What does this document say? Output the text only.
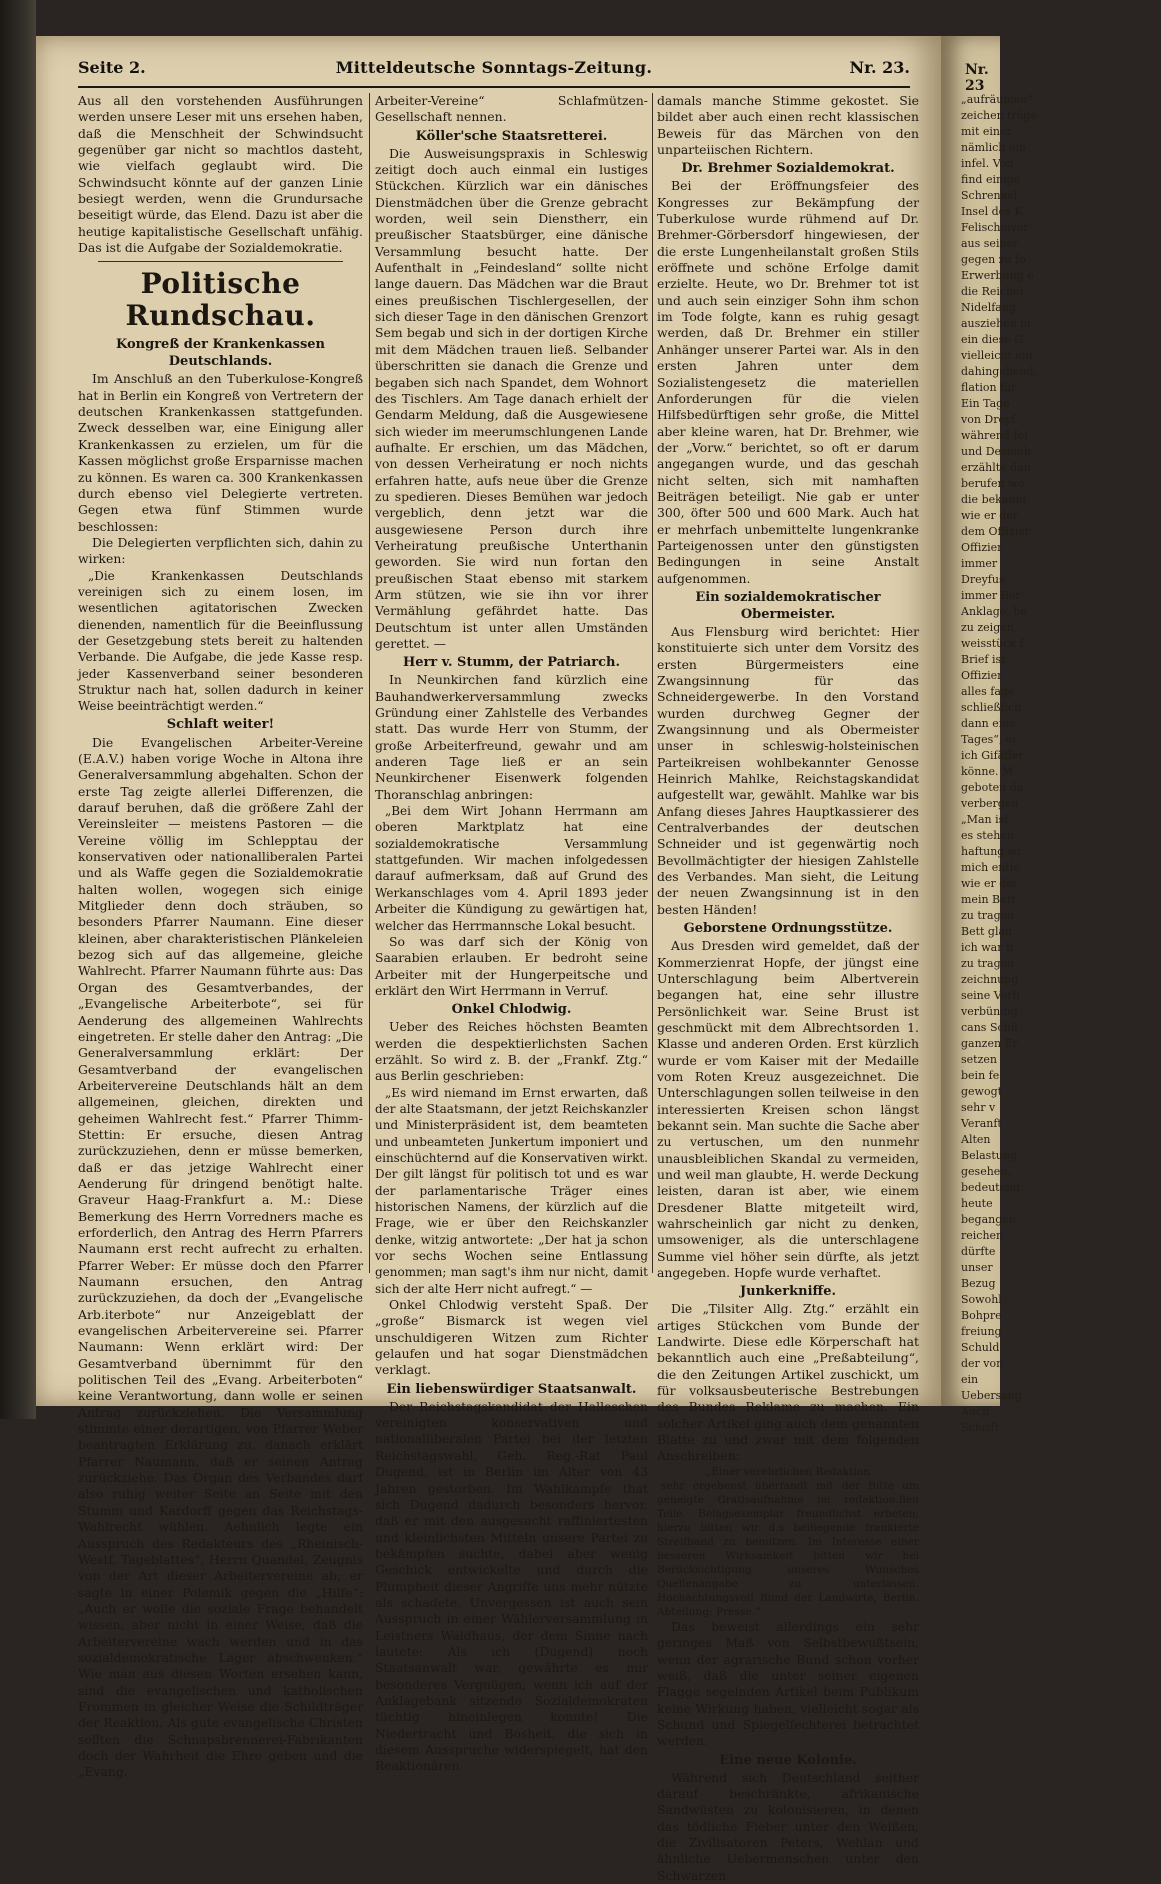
Nr. 23
„aufräumen“
zeichen träge
mit einer
nämlich ein
infel. Von
find einige
Schrenkel
Insel des K
Felischeiver
aus seiner
gegen zu fo
Erwerbung e
die Reicher
Nidelfang
ausziehen m
ein diese G
vielleicht ein
dahingehend,
flation für
Ein Tage
von Dreyf
während fei
und Dezemb
erzählte dan
berufen wo
die bekannt
wie er der
dem Offizier
Offizier
immer
Dreyfus
immer Ber
Anklage, be
zu zeigen,
weisstück f
Brief ist
Offizier
alles fage
schließlich
dann eine
Tages“, ei
ich Gifäffer
könne. M
geboten da
verbergen
„Man ist
es stehen
haftung wi
mich entle
wie er die
mein Bett
zu tragen
Bett glau
ich war h
zu tragen
zeichnung
seine Verh
verbündig
cans Schü
ganzen Er
setzen
bein fe
gewogt
sehr v
Veranft
Alten
Belastung
gesehen,
bedeutend
heute
begangen
reichen
dürfte
unser
Bezug
Sowohl
Bohpre
freiung
Schuld
der von
ein
Uebersang
Auch
Schrift
Mitteldeutsche Sonntags-Zeitung.
Seite 2.	Nr. 23.

Aus all den vorstehenden Ausführungen werden unsere Leser mit uns ersehen haben, daß die Menschheit der Schwindsucht gegenüber gar nicht so machtlos dasteht, wie vielfach geglaubt wird. Die Schwindsucht könnte auf der ganzen Linie besiegt werden, wenn die Grundursache beseitigt würde, das Elend. Dazu ist aber die heutige kapitalistische Gesellschaft unfähig. Das ist die Aufgabe der Sozialdemokratie.

Politische Rundschau.
Kongreß der Krankenkassen Deutschlands.

Im Anschluß an den Tuberkulose-Kongreß hat in Berlin ein Kongreß von Vertretern der deutschen Krankenkassen stattgefunden. Zweck desselben war, eine Einigung aller Krankenkassen zu erzielen, um für die Kassen möglichst große Ersparnisse machen zu können. Es waren ca. 300 Krankenkassen durch ebenso viel Delegierte vertreten. Gegen etwa fünf Stimmen wurde beschlossen:

Die Delegierten verpflichten sich, dahin zu wirken:

„Die Krankenkassen Deutschlands vereinigen sich zu einem losen, im wesentlichen agitatorischen Zwecken dienenden, namentlich für die Beeinflussung der Gesetzgebung stets bereit zu haltenden Verbande. Die Aufgabe, die jede Kasse resp. jeder Kassenverband seiner besonderen Struktur nach hat, sollen dadurch in keiner Weise beeinträchtigt werden.“

Schlaft weiter!

Die Evangelischen Arbeiter-Vereine (E.A.V.) haben vorige Woche in Altona ihre Generalversammlung abgehalten. Schon der erste Tag zeigte allerlei Differenzen, die darauf beruhen, daß die größere Zahl der Vereinsleiter — meistens Pastoren — die Vereine völlig im Schlepptau der konservativen oder nationalliberalen Partei und als Waffe gegen die Sozialdemokratie halten wollen, wogegen sich einige Mitglieder denn doch sträuben, so besonders Pfarrer Naumann. Eine dieser kleinen, aber charakteristischen Plänkeleien bezog sich auf das allgemeine, gleiche Wahlrecht. Pfarrer Naumann führte aus: Das Organ des Gesamtverbandes, der „Evangelische Arbeiterbote“, sei für Aenderung des allgemeinen Wahlrechts eingetreten. Er stelle daher den Antrag: „Die Generalversammlung erklärt: Der Gesamtverband der evangelischen Arbeitervereine Deutschlands hält an dem allgemeinen, gleichen, direkten und geheimen Wahlrecht fest.“ Pfarrer Thimm-Stettin: Er ersuche, diesen Antrag zurückzuziehen, denn er müsse bemerken, daß er das jetzige Wahlrecht einer Aenderung für dringend benötigt halte. Graveur Haag-Frankfurt a. M.: Diese Bemerkung des Herrn Vorredners mache es erforderlich, den Antrag des Herrn Pfarrers Naumann erst recht aufrecht zu erhalten. Pfarrer Weber: Er müsse doch den Pfarrer Naumann ersuchen, den Antrag zurückzuziehen, da doch der „Evangelische Arb.iterbote“ nur Anzeigeblatt der evangelischen Arbeitervereine sei. Pfarrer Naumann: Wenn erklärt wird: Der Gesamtverband übernimmt für den politischen Teil des „Evang. Arbeiterboten“ keine Verantwortung, dann wolle er seinen Antrag zurückziehen. Die Versammlung stimmte einer derartigen, von Pfarrer Weber beantragten Erklärung zu, danach erklärt Pfarrer Naumann, daß er seinen Antrag zurückziehe. Das Organ des Verbandes darf also ruhig weiter Seite an Seite mit den Stumm und Kardorff gegen das Reichstags-Wahlrecht wühlen. Aehnlich legte ein Ausspruch des Redakteurs des „Rheinisch-Westf. Tageblattes“, Herrn Quandel, Zeugnis von der Art dieser Arbeitervereine ab; er sagte in einer Polemik gegen die „Hilfe“: „Auch er wolle die soziale Frage behandelt wissen, aber nicht in einer Weise, daß die Arbeitervereine wach werden und in das sozialdemokratische Lager abschwenken.“ Wie man aus diesen Worten ersehen kann, sind die evangelischen und katholischen Frommen in gleicher Weise die Schildträger der Reaktion. Als gute evangelische Christen sollten die Schnapsbrennerei-Fabrikanten doch der Wahrheit die Ehre geben und die „Evang.

Arbeiter-Vereine“ Schlafmützen-Gesellschaft nennen.

Köller'sche Staatsretterei.

Die Ausweisungspraxis in Schleswig zeitigt doch auch einmal ein lustiges Stückchen. Kürzlich war ein dänisches Dienstmädchen über die Grenze gebracht worden, weil sein Dienstherr, ein preußischer Staatsbürger, eine dänische Versammlung besucht hatte. Der Aufenthalt in „Feindesland“ sollte nicht lange dauern. Das Mädchen war die Braut eines preußischen Tischlergesellen, der sich dieser Tage in den dänischen Grenzort Sem begab und sich in der dortigen Kirche mit dem Mädchen trauen ließ. Selbander überschritten sie danach die Grenze und begaben sich nach Spandet, dem Wohnort des Tischlers. Am Tage danach erhielt der Gendarm Meldung, daß die Ausgewiesene sich wieder im meerumschlungenen Lande aufhalte. Er erschien, um das Mädchen, von dessen Verheiratung er noch nichts erfahren hatte, aufs neue über die Grenze zu spedieren. Dieses Bemühen war jedoch vergeblich, denn jetzt war die ausgewiesene Person durch ihre Verheiratung preußische Unterthanin geworden. Sie wird nun fortan den preußischen Staat ebenso mit starkem Arm stützen, wie sie ihn vor ihrer Vermählung gefährdet hatte. Das Deutschtum ist unter allen Umständen gerettet. —

Herr v. Stumm, der Patriarch.

In Neunkirchen fand kürzlich eine Bauhandwerkerversammlung zwecks Gründung einer Zahlstelle des Verbandes statt. Das wurde Herr von Stumm, der große Arbeiterfreund, gewahr und am anderen Tage ließ er an sein Neunkirchener Eisenwerk folgenden Thoranschlag anbringen:

„Bei dem Wirt Johann Herrmann am oberen Marktplatz hat eine sozialdemokratische Versammlung stattgefunden. Wir machen infolgedessen darauf aufmerksam, daß auf Grund des Werkanschlages vom 4. April 1893 jeder Arbeiter die Kündigung zu gewärtigen hat, welcher das Herrmannsche Lokal besucht.

So was darf sich der König von Saarabien erlauben. Er bedroht seine Arbeiter mit der Hungerpeitsche und erklärt den Wirt Herrmann in Verruf.

Onkel Chlodwig.

Ueber des Reiches höchsten Beamten werden die despektierlichsten Sachen erzählt. So wird z. B. der „Frankf. Ztg.“ aus Berlin geschrieben:

„Es wird niemand im Ernst erwarten, daß der alte Staatsmann, der jetzt Reichskanzler und Ministerpräsident ist, dem beamteten und unbeamteten Junkertum imponiert und einschüchternd auf die Konservativen wirkt. Der gilt längst für politisch tot und es war der parlamentarische Träger eines historischen Namens, der kürzlich auf die Frage, wie er über den Reichskanzler denke, witzig antwortete: „Der hat ja schon vor sechs Wochen seine Entlassung genommen; man sagt's ihm nur nicht, damit sich der alte Herr nicht aufregt.“ —

Onkel Chlodwig versteht Spaß. Der „große“ Bismarck ist wegen viel unschuldigeren Witzen zum Richter gelaufen und hat sogar Dienstmädchen verklagt.

Ein liebenswürdiger Staatsanwalt.

Der Reichstagskandidat der Halleschen vereinigten konservativen und nationalliberalen Partei bei der letzten Reichstagswahl, Geh. Reg.-Rat Paul Dugend, ist in Berlin im Alter von 43 Jahren gestorben. Im Wahlkampfe that sich Dugend dadurch besonders hervor, daß er mit den ausgesucht raffiniertesten und kleinlichsten Mitteln unsere Partei zu bekämpfen suchte, dabei aber wenig Geschick entwickelte und durch die Plumpheit dieser Angriffe uns mehr nützte als schadete. Unvergessen ist auch sein Ausspruch in einer Wählerversammlung in Leistners Waldhaus, der dem Sinne nach lautete: Als ich (Dugend) noch Staatsanwalt war, gewährte es mir besonderes Vergnügen, wenn ich auf der Anklagebank sitzende Sozialdemokraten tüchtig hineinlegen konnte! Die Niedertracht und Bosheit, die sich in diesem Ausspruche widerspiegelt, hat den Reaktionären

damals manche Stimme gekostet. Sie bildet aber auch einen recht klassischen Beweis für das Märchen von den unparteiischen Richtern.

Dr. Brehmer Sozialdemokrat.

Bei der Eröffnungsfeier des Kongresses zur Bekämpfung der Tuberkulose wurde rühmend auf Dr. Brehmer-Görbersdorf hingewiesen, der die erste Lungenheilanstalt großen Stils eröffnete und schöne Erfolge damit erzielte. Heute, wo Dr. Brehmer tot ist und auch sein einziger Sohn ihm schon im Tode folgte, kann es ruhig gesagt werden, daß Dr. Brehmer ein stiller Anhänger unserer Partei war. Als in den ersten Jahren unter dem Sozialistengesetz die materiellen Anforderungen für die vielen Hilfsbedürftigen sehr große, die Mittel aber kleine waren, hat Dr. Brehmer, wie der „Vorw.“ berichtet, so oft er darum angegangen wurde, und das geschah nicht selten, sich mit namhaften Beiträgen beteiligt. Nie gab er unter 300, öfter 500 und 600 Mark. Auch hat er mehrfach unbemittelte lungenkranke Parteigenossen unter den günstigsten Bedingungen in seine Anstalt aufgenommen.

Ein sozialdemokratischer Obermeister.

Aus Flensburg wird berichtet: Hier konstituierte sich unter dem Vorsitz des ersten Bürgermeisters eine Zwangsinnung für das Schneidergewerbe. In den Vorstand wurden durchweg Gegner der Zwangsinnung und als Obermeister unser in schleswig-holsteinischen Parteikreisen wohlbekannter Genosse Heinrich Mahlke, Reichstagskandidat aufgestellt war, gewählt. Mahlke war bis Anfang dieses Jahres Hauptkassierer des Centralverbandes der deutschen Schneider und ist gegenwärtig noch Bevollmächtigter der hiesigen Zahlstelle des Verbandes. Man sieht, die Leitung der neuen Zwangsinnung ist in den besten Händen!

Geborstene Ordnungsstütze.

Aus Dresden wird gemeldet, daß der Kommerzienrat Hopfe, der jüngst eine Unterschlagung beim Albertverein begangen hat, eine sehr illustre Persönlichkeit war. Seine Brust ist geschmückt mit dem Albrechtsorden 1. Klasse und anderen Orden. Erst kürzlich wurde er vom Kaiser mit der Medaille vom Roten Kreuz ausgezeichnet. Die Unterschlagungen sollen teilweise in den interessierten Kreisen schon längst bekannt sein. Man suchte die Sache aber zu vertuschen, um den nunmehr unausbleiblichen Skandal zu vermeiden, und weil man glaubte, H. werde Deckung leisten, daran ist aber, wie einem Dresdener Blatte mitgeteilt wird, wahrscheinlich gar nicht zu denken, umsoweniger, als die unterschlagene Summe viel höher sein dürfte, als jetzt angegeben. Hopfe wurde verhaftet.

Junkerkniffe.

Die „Tilsiter Allg. Ztg.“ erzählt ein artiges Stückchen vom Bunde der Landwirte. Diese edle Körperschaft hat bekanntlich auch eine „Preßabteilung“, die den Zeitungen Artikel zuschickt, um für volksausbeuterische Bestrebungen des Bundes Reklame zu machen. Ein solcher Artikel ging auch dem genannten Blatte zu und zwar mit dem folgenden Anschreiben:

„Einer verehrlichen Redaktion

sehr ergebenst überfandt mit der Bitte um geneigte Gratisaufnahme im redaktion.llen Teile. Belagsexemplar freundlichst erbeten; hierzu bitten wir d.s beiliegende frankierte Streifband zu benutzen. Im Interesse einer besseren Wirksamkeit bitten wir bei Berücksichtigung unseres Wunsches Quellenangabe zu unterlassen. Hochachtungsvoll Bund der Landwirte, Berlin. Abteilung: Presse.“

Das beweist allerdings ein sehr geringes Maß von Selbstbewußtsein, wenn der agrarische Bund schon vorher weiß, daß die unter seiner eigenen Flagge segelnden Artikel beim Publikum keine Wirkung haben, vielleicht sogar als Schund und Spiegelfechterei betrachtet werden.

Eine neue Kolonie.

Während sich Deutschland seither darauf beschränkte, afrikanische Sandwüsten zu kolonisieren, in denen das tödliche Fieber unter den Weißen, die Zivilisatoren Peters, Wehlan und ähnliche Uebermenschen unter den Schwarzen
